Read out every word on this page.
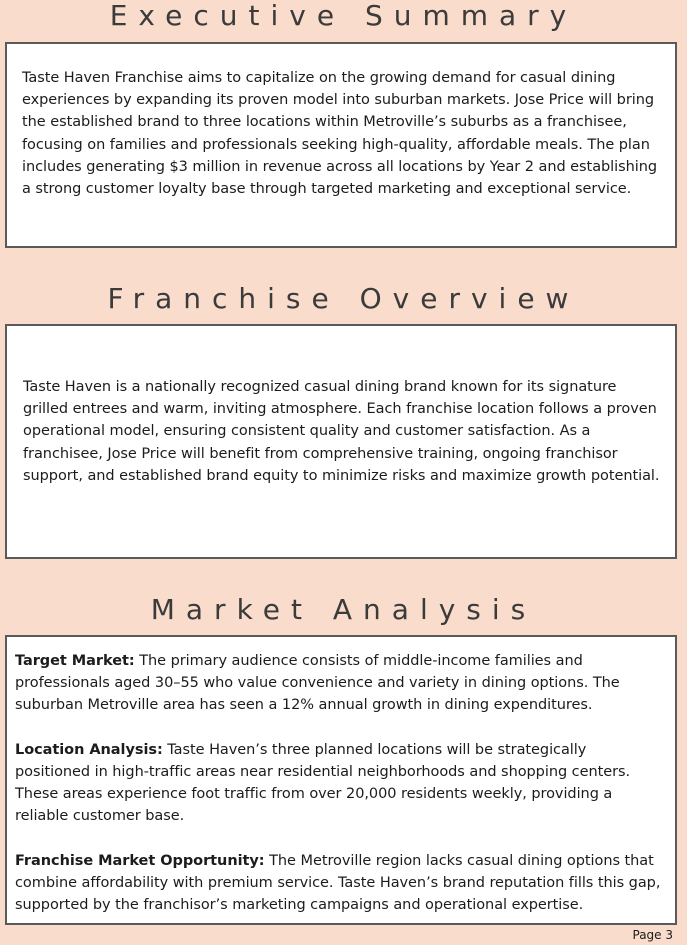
Executive Summary

Taste Haven Franchise aims to capitalize on the growing demand for casual dining experiences by expanding its proven model into suburban markets. Jose Price will bring the established brand to three locations within Metroville’s suburbs as a franchisee, focusing on families and professionals seeking high-quality, affordable meals. The plan includes generating $3 million in revenue across all locations by Year 2 and establishing a strong customer loyalty base through targeted marketing and exceptional service.

Franchise Overview

Taste Haven is a nationally recognized casual dining brand known for its signature grilled entrees and warm, inviting atmosphere. Each franchise location follows a proven operational model, ensuring consistent quality and customer satisfaction. As a franchisee, Jose Price will benefit from comprehensive training, ongoing franchisor support, and established brand equity to minimize risks and maximize growth potential.

Market Analysis

Target Market: The primary audience consists of middle-income families and professionals aged 30–55 who value convenience and variety in dining options. The suburban Metroville area has seen a 12% annual growth in dining expenditures.

Location Analysis: Taste Haven’s three planned locations will be strategically positioned in high-traffic areas near residential neighborhoods and shopping centers. These areas experience foot traffic from over 20,000 residents weekly, providing a reliable customer base.

Franchise Market Opportunity: The Metroville region lacks casual dining options that combine affordability with premium service. Taste Haven’s brand reputation fills this gap, supported by the franchisor’s marketing campaigns and operational expertise.

Page 3
